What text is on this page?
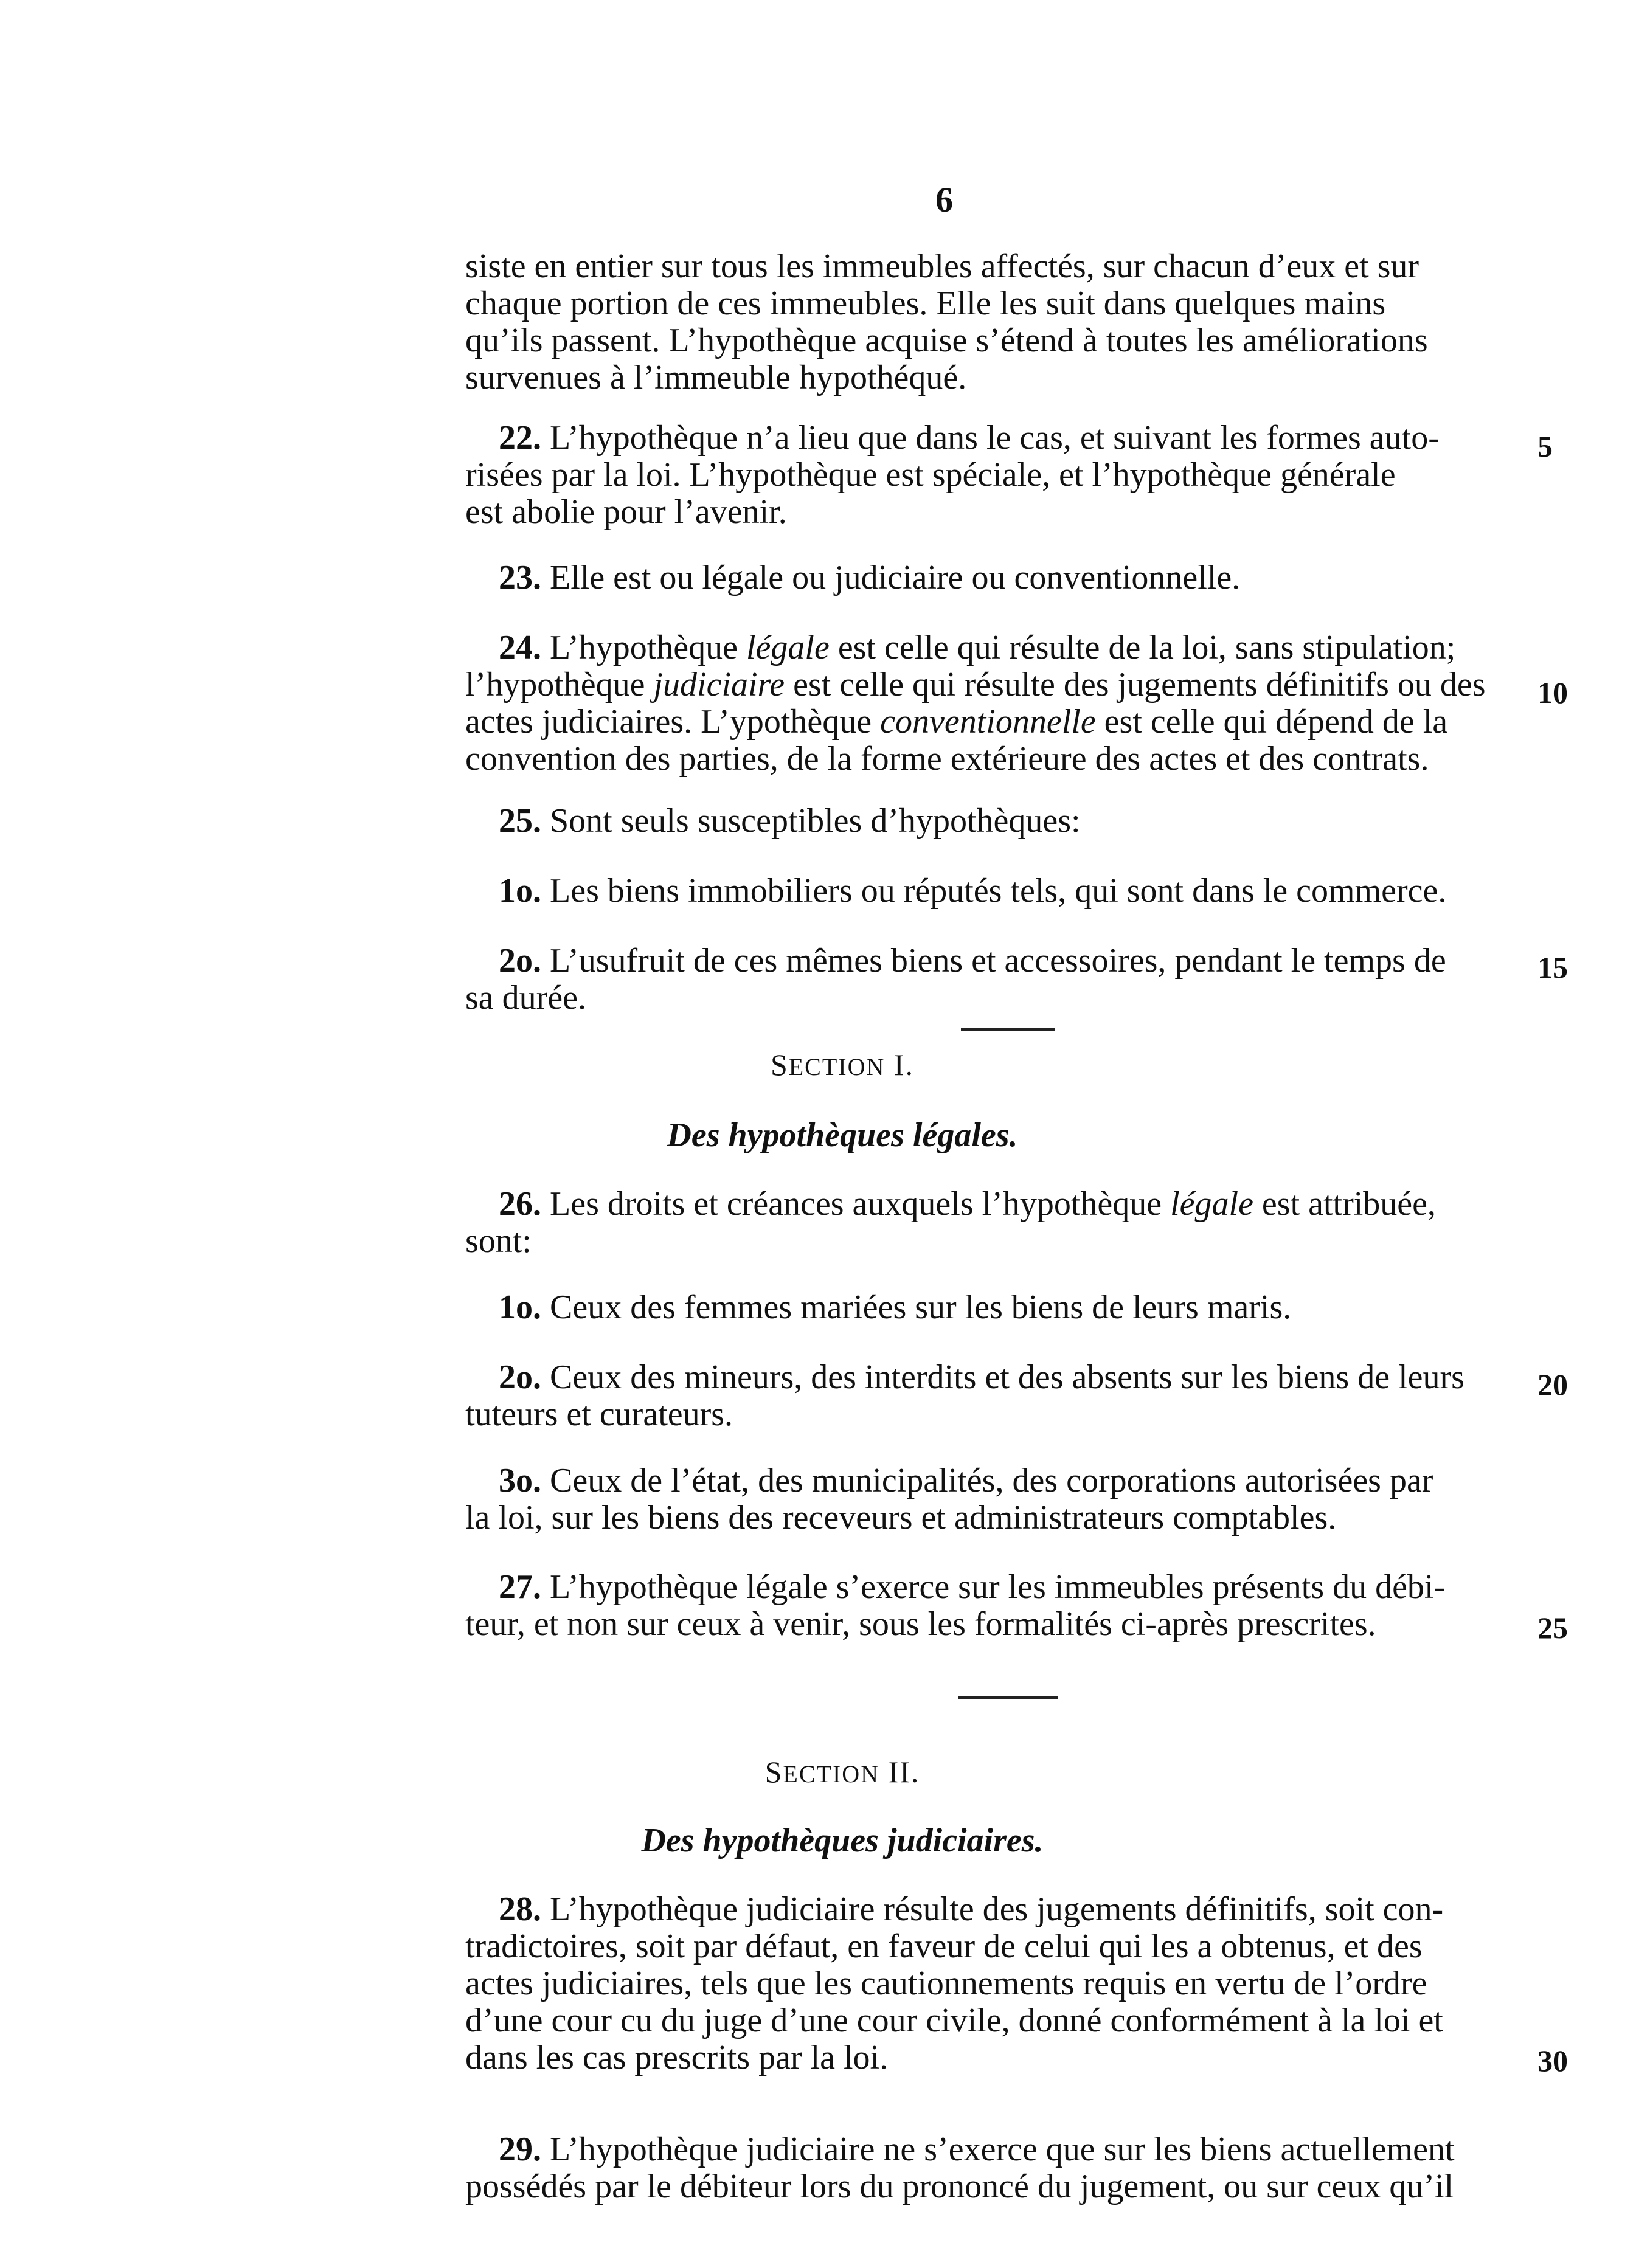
6
siste en entier sur tous les immeubles affectés, sur chacun d’eux et sur
chaque portion de ces immeubles. Elle les suit dans quelques mains
qu’ils passent. L’hypothèque acquise s’étend à toutes les améliorations
survenues à l’immeuble hypothéqué.
22. L’hypothèque n’a lieu que dans le cas, et suivant les formes auto-
risées par la loi. L’hypothèque est spéciale, et l’hypothèque générale
est abolie pour l’avenir.
5
23. Elle est ou légale ou judiciaire ou conventionnelle.
24. L’hypothèque légale est celle qui résulte de la loi, sans stipulation;
l’hypothèque judiciaire est celle qui résulte des jugements définitifs ou des
actes judiciaires. L’ypothèque conventionnelle est celle qui dépend de la
convention des parties, de la forme extérieure des actes et des contrats.
10
25. Sont seuls susceptibles d’hypothèques:
1o. Les biens immobiliers ou réputés tels, qui sont dans le commerce.
2o. L’usufruit de ces mêmes biens et accessoires, pendant le temps de
sa durée.
15
SECTION I.
Des hypothèques légales.
26. Les droits et créances auxquels l’hypothèque légale est attribuée,
sont:
1o. Ceux des femmes mariées sur les biens de leurs maris.
2o. Ceux des mineurs, des interdits et des absents sur les biens de leurs
tuteurs et curateurs.
20
3o. Ceux de l’état, des municipalités, des corporations autorisées par
la loi, sur les biens des receveurs et administrateurs comptables.
27. L’hypothèque légale s’exerce sur les immeubles présents du débi-
teur, et non sur ceux à venir, sous les formalités ci-après prescrites.	25
SECTION II.
Des hypothèques judiciaires.
28. L’hypothèque judiciaire résulte des jugements définitifs, soit con-
tradictoires, soit par défaut, en faveur de celui qui les a obtenus, et des
actes judiciaires, tels que les cautionnements requis en vertu de l’ordre
d’une cour cu du juge d’une cour civile, donné conformément à la loi et
dans les cas prescrits par la loi.	30
29. L’hypothèque judiciaire ne s’exerce que sur les biens actuellement
possédés par le débiteur lors du prononcé du jugement, ou sur ceux qu’il
